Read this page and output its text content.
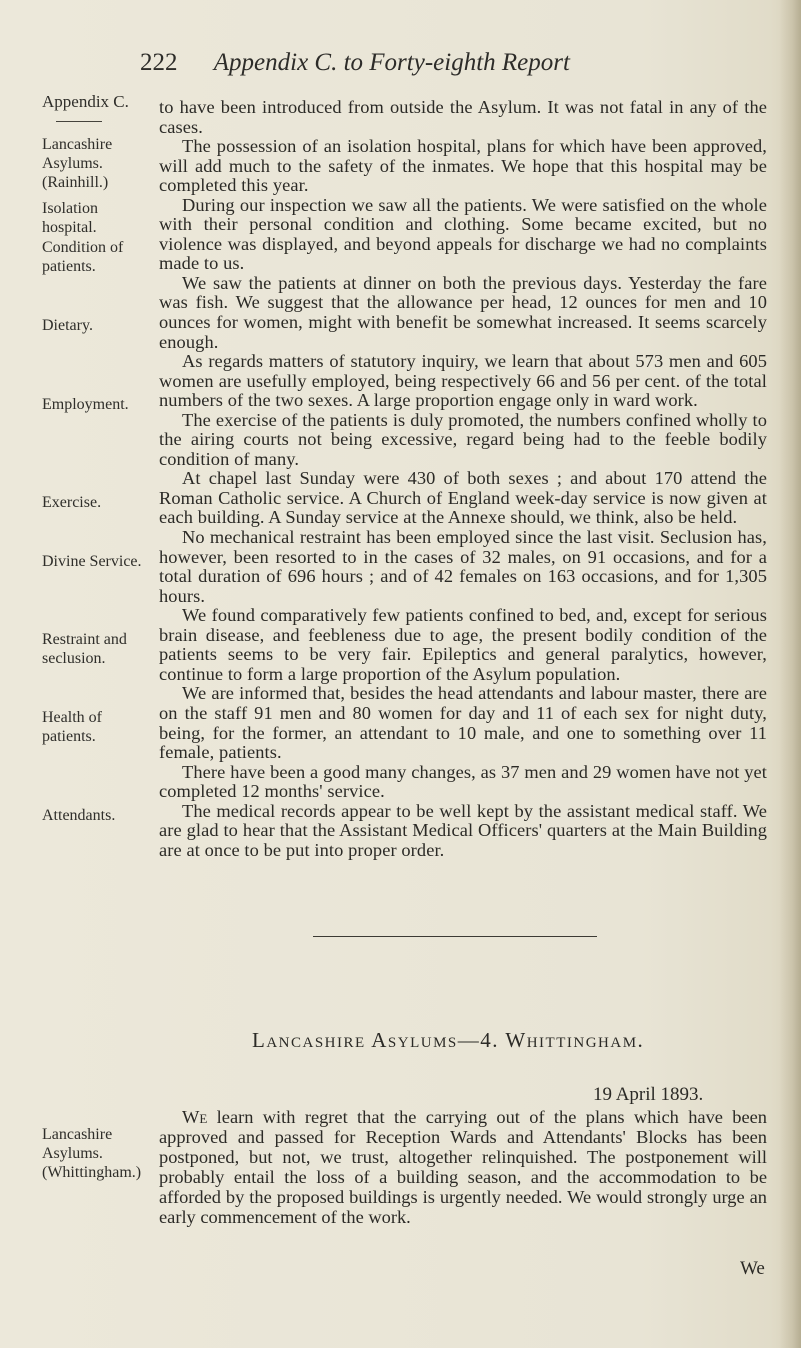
222 Appendix C. to Forty-eighth Report
Appendix C.
Lancashire
Asylums.
(Rainhill.)
Isolation
hospital.
Condition of
patients.
Dietary.
Employment.
Exercise.
Divine Service.
Restraint and
seclusion.
Health of
patients.
Attendants.
Lancashire
Asylums.
(Whittingham.)

to have been introduced from outside the Asylum. It was not fatal in any of the cases.

The possession of an isolation hospital, plans for which have been approved, will add much to the safety of the inmates. We hope that this hospital may be completed this year.

During our inspection we saw all the patients. We were satisfied on the whole with their personal condition and clothing. Some became excited, but no violence was displayed, and beyond appeals for discharge we had no complaints made to us.

We saw the patients at dinner on both the previous days. Yesterday the fare was fish. We suggest that the allowance per head, 12 ounces for men and 10 ounces for women, might with benefit be somewhat increased. It seems scarcely enough.

As regards matters of statutory inquiry, we learn that about 573 men and 605 women are usefully employed, being respectively 66 and 56 per cent. of the total numbers of the two sexes. A large proportion engage only in ward work.

The exercise of the patients is duly promoted, the numbers confined wholly to the airing courts not being excessive, regard being had to the feeble bodily condition of many.

At chapel last Sunday were 430 of both sexes ; and about 170 attend the Roman Catholic service. A Church of England week-day service is now given at each building. A Sunday service at the Annexe should, we think, also be held.

No mechanical restraint has been employed since the last visit. Seclusion has, however, been resorted to in the cases of 32 males, on 91 occasions, and for a total duration of 696 hours ; and of 42 females on 163 occasions, and for 1,305 hours.

We found comparatively few patients confined to bed, and, except for serious brain disease, and feebleness due to age, the present bodily condition of the patients seems to be very fair. Epileptics and general paralytics, however, continue to form a large proportion of the Asylum population.

We are informed that, besides the head attendants and labour master, there are on the staff 91 men and 80 women for day and 11 of each sex for night duty, being, for the former, an attendant to 10 male, and one to something over 11 female, patients.

There have been a good many changes, as 37 men and 29 women have not yet completed 12 months' service.

The medical records appear to be well kept by the assistant medical staff. We are glad to hear that the Assistant Medical Officers' quarters at the Main Building are at once to be put into proper order.

Lancashire Asylums—4. Whittingham.
19 April 1893.

We learn with regret that the carrying out of the plans which have been approved and passed for Reception Wards and Attendants' Blocks has been postponed, but not, we trust, altogether relinquished. The postponement will probably entail the loss of a building season, and the accommodation to be afforded by the proposed buildings is urgently needed. We would strongly urge an early commencement of the work.

We
